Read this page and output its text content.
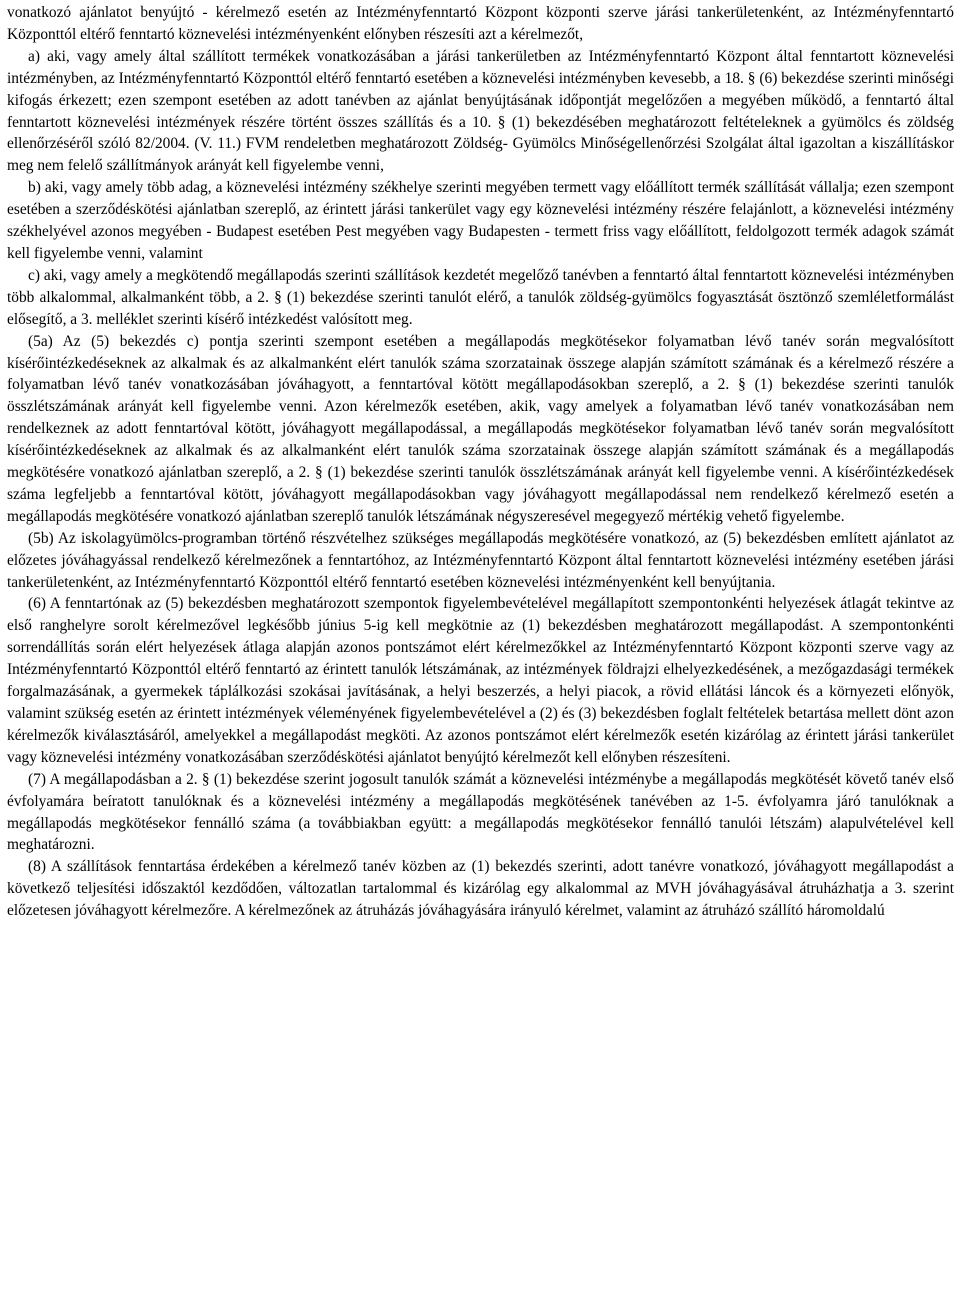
vonatkozó ajánlatot benyújtó - kérelmező esetén az Intézményfenntartó Központ központi szerve járási tankerületenként, az Intézményfenntartó Központtól eltérő fenntartó köznevelési intézményenként előnyben részesíti azt a kérelmezőt,

a) aki, vagy amely által szállított termékek vonatkozásában a járási tankerületben az Intézményfenntartó Központ által fenntartott köznevelési intézményben, az Intézményfenntartó Központtól eltérő fenntartó esetében a köznevelési intézményben kevesebb, a 18. § (6) bekezdése szerinti minőségi kifogás érkezett; ezen szempont esetében az adott tanévben az ajánlat benyújtásának időpontját megelőzően a megyében működő, a fenntartó által fenntartott köznevelési intézmények részére történt összes szállítás és a 10. § (1) bekezdésében meghatározott feltételeknek a gyümölcs és zöldség ellenőrzéséről szóló 82/2004. (V. 11.) FVM rendeletben meghatározott Zöldség- Gyümölcs Minőségellenőrzési Szolgálat által igazoltan a kiszállításkor meg nem felelő szállítmányok arányát kell figyelembe venni,

b) aki, vagy amely több adag, a köznevelési intézmény székhelye szerinti megyében termett vagy előállított termék szállítását vállalja; ezen szempont esetében a szerződéskötési ajánlatban szereplő, az érintett járási tankerület vagy egy köznevelési intézmény részére felajánlott, a köznevelési intézmény székhelyével azonos megyében - Budapest esetében Pest megyében vagy Budapesten - termett friss vagy előállított, feldolgozott termék adagok számát kell figyelembe venni, valamint

c) aki, vagy amely a megkötendő megállapodás szerinti szállítások kezdetét megelőző tanévben a fenntartó által fenntartott köznevelési intézményben több alkalommal, alkalmanként több, a 2. § (1) bekezdése szerinti tanulót elérő, a tanulók zöldség-gyümölcs fogyasztását ösztönző szemléletformálást elősegítő, a 3. melléklet szerinti kísérő intézkedést valósított meg.

(5a) Az (5) bekezdés c) pontja szerinti szempont esetében a megállapodás megkötésekor folyamatban lévő tanév során megvalósított kísérőintézkedéseknek az alkalmak és az alkalmanként elért tanulók száma szorzatainak összege alapján számított számának és a kérelmező részére a folyamatban lévő tanév vonatkozásában jóváhagyott, a fenntartóval kötött megállapodásokban szereplő, a 2. § (1) bekezdése szerinti tanulók összlétszámának arányát kell figyelembe venni. Azon kérelmezők esetében, akik, vagy amelyek a folyamatban lévő tanév vonatkozásában nem rendelkeznek az adott fenntartóval kötött, jóváhagyott megállapodással, a megállapodás megkötésekor folyamatban lévő tanév során megvalósított kísérőintézkedéseknek az alkalmak és az alkalmanként elért tanulók száma szorzatainak összege alapján számított számának és a megállapodás megkötésére vonatkozó ajánlatban szereplő, a 2. § (1) bekezdése szerinti tanulók összlétszámának arányát kell figyelembe venni. A kísérőintézkedések száma legfeljebb a fenntartóval kötött, jóváhagyott megállapodásokban vagy jóváhagyott megállapodással nem rendelkező kérelmező esetén a megállapodás megkötésére vonatkozó ajánlatban szereplő tanulók létszámának négyszeresével megegyező mértékig vehető figyelembe.

(5b) Az iskolagyümölcs-programban történő részvételhez szükséges megállapodás megkötésére vonatkozó, az (5) bekezdésben említett ajánlatot az előzetes jóváhagyással rendelkező kérelmezőnek a fenntartóhoz, az Intézményfenntartó Központ által fenntartott köznevelési intézmény esetében járási tankerületenként, az Intézményfenntartó Központtól eltérő fenntartó esetében köznevelési intézményenként kell benyújtania.

(6) A fenntartónak az (5) bekezdésben meghatározott szempontok figyelembevételével megállapított szempontonkénti helyezések átlagát tekintve az első ranghelyre sorolt kérelmezővel legkésőbb június 5-ig kell megkötnie az (1) bekezdésben meghatározott megállapodást. A szempontonkénti sorrendállítás során elért helyezések átlaga alapján azonos pontszámot elért kérelmezőkkel az Intézményfenntartó Központ központi szerve vagy az Intézményfenntartó Központtól eltérő fenntartó az érintett tanulók létszámának, az intézmények földrajzi elhelyezkedésének, a mezőgazdasági termékek forgalmazásának, a gyermekek táplálkozási szokásai javításának, a helyi beszerzés, a helyi piacok, a rövid ellátási láncok és a környezeti előnyök, valamint szükség esetén az érintett intézmények véleményének figyelembevételével a (2) és (3) bekezdésben foglalt feltételek betartása mellett dönt azon kérelmezők kiválasztásáról, amelyekkel a megállapodást megköti. Az azonos pontszámot elért kérelmezők esetén kizárólag az érintett járási tankerület vagy köznevelési intézmény vonatkozásában szerződéskötési ajánlatot benyújtó kérelmezőt kell előnyben részesíteni.

(7) A megállapodásban a 2. § (1) bekezdése szerint jogosult tanulók számát a köznevelési intézménybe a megállapodás megkötését követő tanév első évfolyamára beíratott tanulóknak és a köznevelési intézmény a megállapodás megkötésének tanévében az 1-5. évfolyamra járó tanulóknak a megállapodás megkötésekor fennálló száma (a továbbiakban együtt: a megállapodás megkötésekor fennálló tanulói létszám) alapulvételével kell meghatározni.

(8) A szállítások fenntartása érdekében a kérelmező tanév közben az (1) bekezdés szerinti, adott tanévre vonatkozó, jóváhagyott megállapodást a következő teljesítési időszaktól kezdődően, változatlan tartalommal és kizárólag egy alkalommal az MVH jóváhagyásával átruházhatja a 3. szerint előzetesen jóváhagyott kérelmezőre. A kérelmezőnek az átruházás jóváhagyására irányuló kérelmet, valamint az átruházó szállító háromoldalú
